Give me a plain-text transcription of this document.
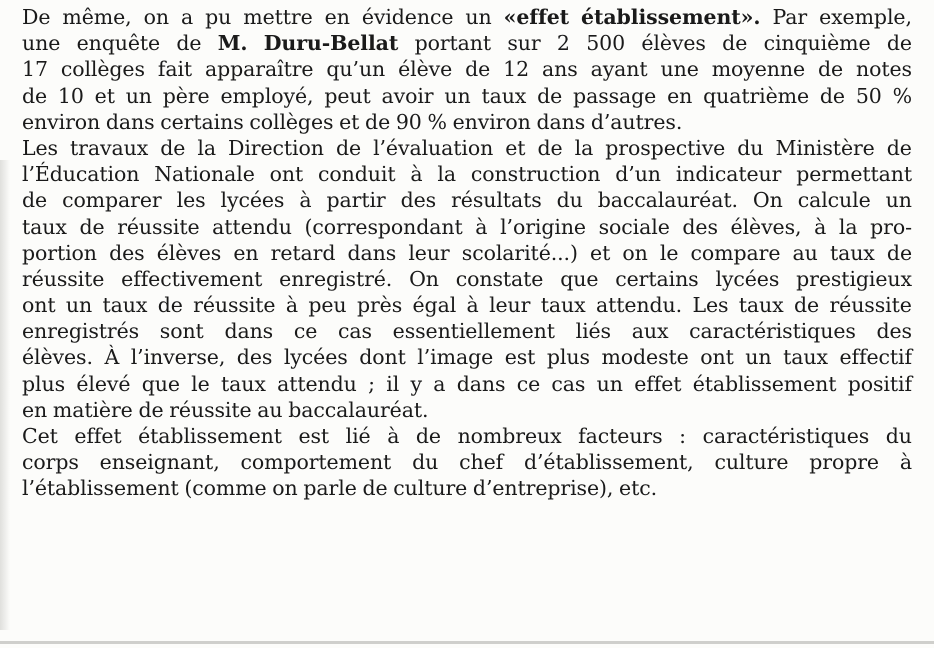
De même, on a pu mettre en évidence un «effet établissement». Par exemple,
une enquête de M. Duru-Bellat portant sur 2 500 élèves de cinquième de
17 collèges fait apparaître qu’un élève de 12 ans ayant une moyenne de notes
de 10 et un père employé, peut avoir un taux de passage en quatrième de 50 %
environ dans certains collèges et de 90 % environ dans d’autres.
Les travaux de la Direction de l’évaluation et de la prospective du Ministère de
l’Éducation Nationale ont conduit à la construction d’un indicateur permettant
de comparer les lycées à partir des résultats du baccalauréat. On calcule un
taux de réussite attendu (correspondant à l’origine sociale des élèves, à la pro-
portion des élèves en retard dans leur scolarité...) et on le compare au taux de
réussite effectivement enregistré. On constate que certains lycées prestigieux
ont un taux de réussite à peu près égal à leur taux attendu. Les taux de réussite
enregistrés sont dans ce cas essentiellement liés aux caractéristiques des
élèves. À l’inverse, des lycées dont l’image est plus modeste ont un taux effectif
plus élevé que le taux attendu ; il y a dans ce cas un effet établissement positif
en matière de réussite au baccalauréat.
Cet effet établissement est lié à de nombreux facteurs : caractéristiques du
corps enseignant, comportement du chef d’établissement, culture propre à
l’établissement (comme on parle de culture d’entreprise), etc.
